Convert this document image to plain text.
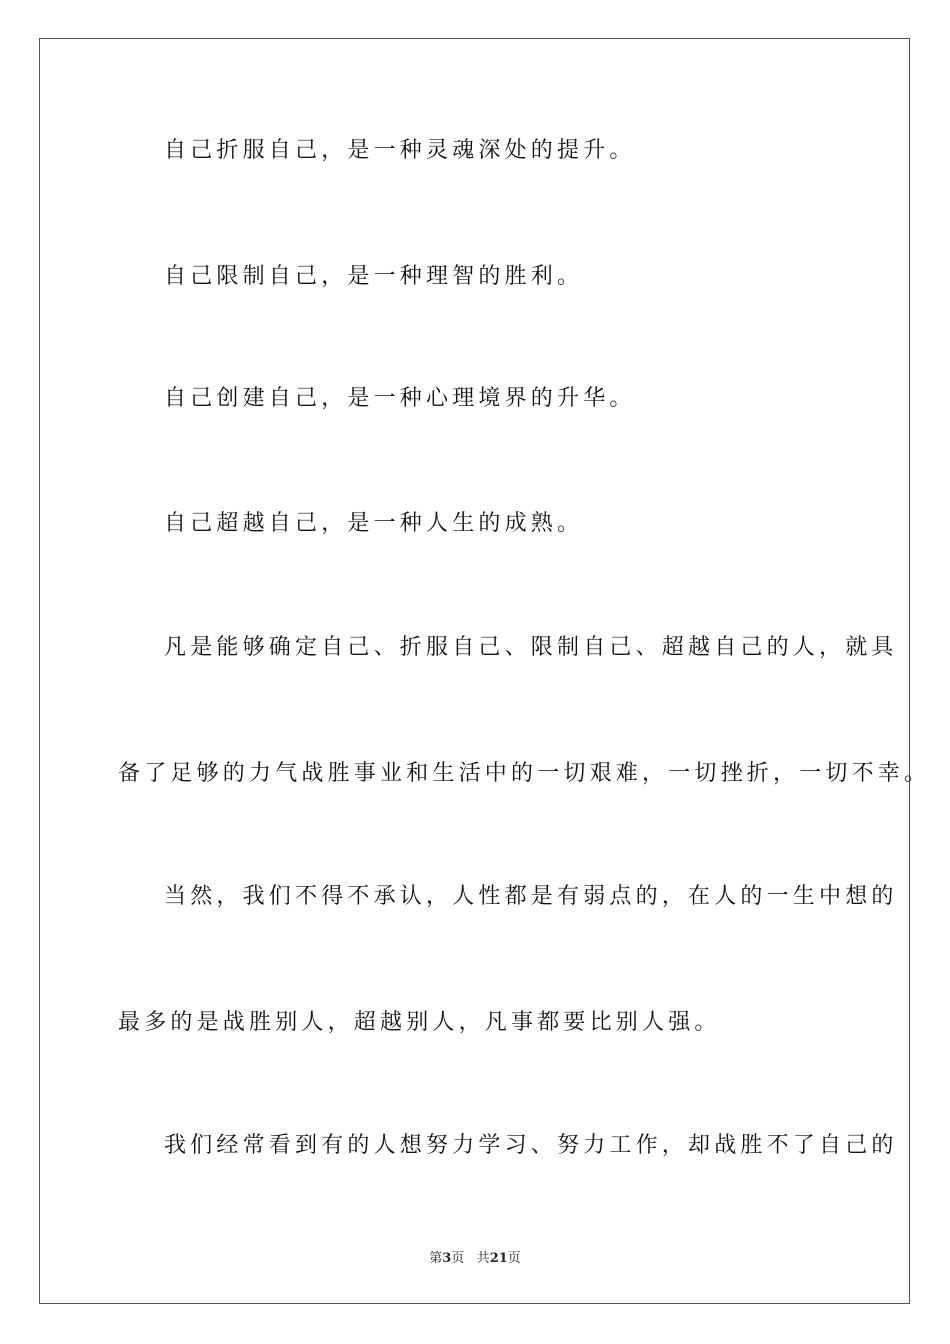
自己折服自己，是一种灵魂深处的提升。
自己限制自己，是一种理智的胜利。
自己创建自己，是一种心理境界的升华。
自己超越自己，是一种人生的成熟。
凡是能够确定自己、折服自己、限制自己、超越自己的人，就具
备了足够的力气战胜事业和生活中的一切艰难，一切挫折，一切不幸。
当然，我们不得不承认，人性都是有弱点的，在人的一生中想的
最多的是战胜别人，超越别人，凡事都要比别人强。
我们经常看到有的人想努力学习、努力工作，却战胜不了自己的
第3页 共21页
